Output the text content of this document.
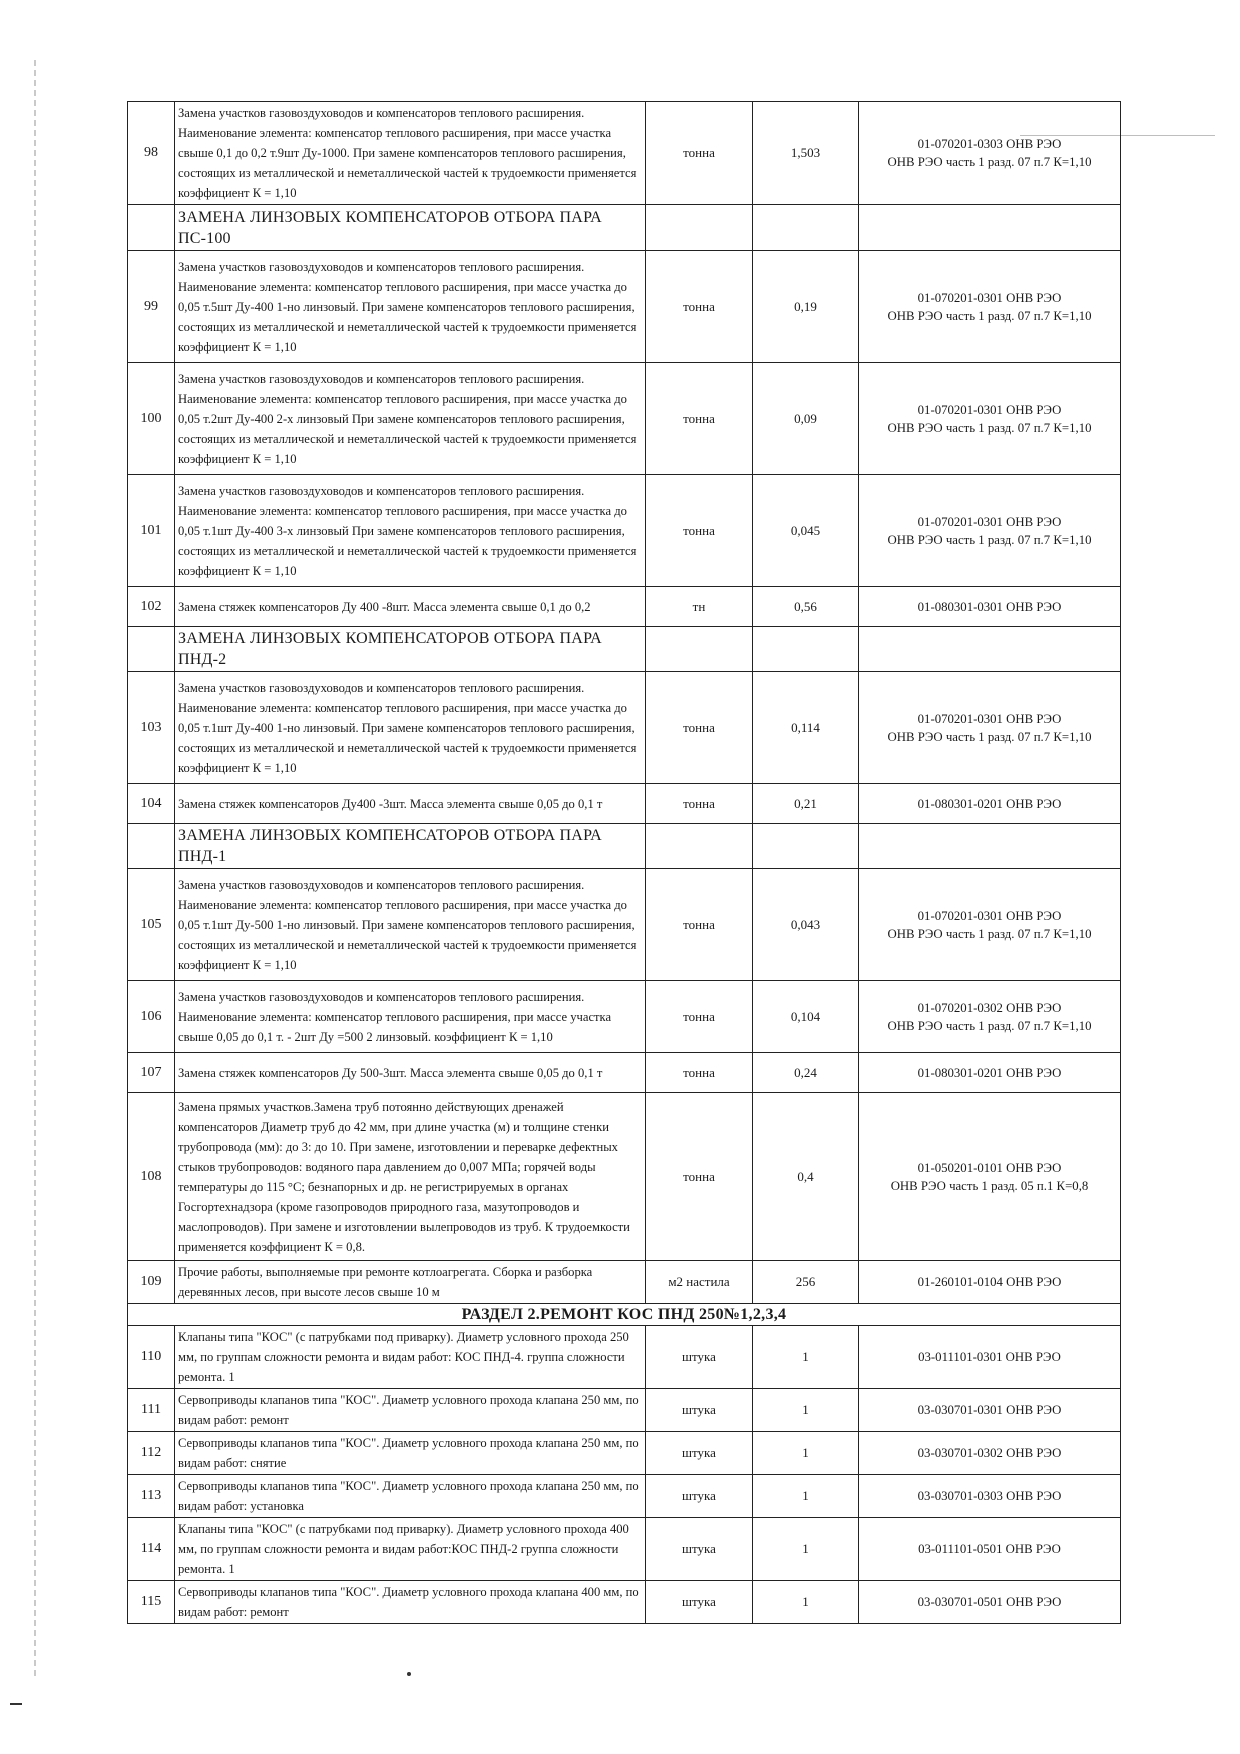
98	Замена участков газовоздуховодов и компенсаторов теплового расширения. Наименование элемента: компенсатор теплового расширения, при массе участка свыше 0,1 до 0,2 т.9шт Ду-1000. При замене компенсаторов теплового расширения, состоящих из металлической и неметаллической частей к трудоемкости применяется коэффициент К = 1,10	тонна	1,503	01-070201-0303 ОНВ РЭО
ОНВ РЭО часть 1 разд. 07 п.7 К=1,10

	ЗАМЕНА ЛИНЗОВЫХ КОМПЕНСАТОРОВ ОТБОРА ПАРА ПС-100			
99	Замена участков газовоздуховодов и компенсаторов теплового расширения. Наименование элемента: компенсатор теплового расширения, при массе участка до 0,05 т.5шт Ду-400 1-но линзовый. При замене компенсаторов теплового расширения, состоящих из металлической и неметаллической частей к трудоемкости применяется коэффициент К = 1,10	тонна	0,19	01-070201-0301 ОНВ РЭО
ОНВ РЭО часть 1 разд. 07 п.7 К=1,10

100	Замена участков газовоздуховодов и компенсаторов теплового расширения. Наименование элемента: компенсатор теплового расширения, при массе участка до 0,05 т.2шт Ду-400 2-х линзовый При замене компенсаторов теплового расширения, состоящих из металлической и неметаллической частей к трудоемкости применяется коэффициент К = 1,10	тонна	0,09	01-070201-0301 ОНВ РЭО
ОНВ РЭО часть 1 разд. 07 п.7 К=1,10

101	Замена участков газовоздуховодов и компенсаторов теплового расширения. Наименование элемента: компенсатор теплового расширения, при массе участка до 0,05 т.1шт Ду-400 3-х линзовый При замене компенсаторов теплового расширения, состоящих из металлической и неметаллической частей к трудоемкости применяется коэффициент К = 1,10	тонна	0,045	01-070201-0301 ОНВ РЭО
ОНВ РЭО часть 1 разд. 07 п.7 К=1,10

102	Замена стяжек компенсаторов Ду 400 -8шт. Масса элемента свыше 0,1 до 0,2	тн	0,56	01-080301-0301 ОНВ РЭО

	ЗАМЕНА ЛИНЗОВЫХ КОМПЕНСАТОРОВ ОТБОРА ПАРА ПНД-2			
103	Замена участков газовоздуховодов и компенсаторов теплового расширения. Наименование элемента: компенсатор теплового расширения, при массе участка до 0,05 т.1шт Ду-400 1-но линзовый. При замене компенсаторов теплового расширения, состоящих из металлической и неметаллической частей к трудоемкости применяется коэффициент К = 1,10	тонна	0,114	01-070201-0301 ОНВ РЭО
ОНВ РЭО часть 1 разд. 07 п.7 К=1,10

104	Замена стяжек компенсаторов Ду400 -3шт. Масса элемента свыше 0,05 до 0,1 т	тонна	0,21	01-080301-0201 ОНВ РЭО

	ЗАМЕНА ЛИНЗОВЫХ КОМПЕНСАТОРОВ ОТБОРА ПАРА ПНД-1			
105	Замена участков газовоздуховодов и компенсаторов теплового расширения. Наименование элемента: компенсатор теплового расширения, при массе участка до 0,05 т.1шт Ду-500 1-но линзовый. При замене компенсаторов теплового расширения, состоящих из металлической и неметаллической частей к трудоемкости применяется коэффициент К = 1,10	тонна	0,043	01-070201-0301 ОНВ РЭО
ОНВ РЭО часть 1 разд. 07 п.7 К=1,10

106	Замена участков газовоздуховодов и компенсаторов теплового расширения. Наименование элемента: компенсатор теплового расширения, при массе участка свыше 0,05 до 0,1 т. - 2шт Ду =500 2 линзовый. коэффициент К = 1,10	тонна	0,104	01-070201-0302 ОНВ РЭО
ОНВ РЭО часть 1 разд. 07 п.7 К=1,10

107	Замена стяжек компенсаторов Ду 500-3шт. Масса элемента свыше 0,05 до 0,1 т	тонна	0,24	01-080301-0201 ОНВ РЭО

108	Замена прямых участков.Замена труб потоянно действующих дренажей компенсаторов Диаметр труб до 42 мм, при длине участка (м) и толщине стенки трубопровода (мм): до 3: до 10. При замене, изготовлении и переварке дефектных стыков трубопроводов: водяного пара давлением до 0,007 МПа; горячей воды температуры до 115 °С; безнапорных и др. не регистрируемых в органах Госгортехнадзора (кроме газопроводов природного газа, мазутопроводов и маслопроводов). При замене и изготовлении вылепроводов из труб. К трудоемкости применяется коэффициент К = 0,8.	тонна	0,4	01-050201-0101 ОНВ РЭО
ОНВ РЭО часть 1 разд. 05 п.1 К=0,8

109	Прочие работы, выполняемые при ремонте котлоагрегата. Сборка и разборка деревянных лесов, при высоте лесов свыше 10 м	м2 настила	256	01-260101-0104 ОНВ РЭО

РАЗДЕЛ 2.РЕМОНТ КОС ПНД 250№1,2,3,4				
110	Клапаны типа "КОС" (с патрубками под приварку). Диаметр условного прохода 250 мм, по группам сложности ремонта и видам работ: КОС ПНД-4. группа сложности ремонта. 1	штука	1	03-011101-0301 ОНВ РЭО

111	Сервоприводы клапанов типа "КОС". Диаметр условного прохода клапана 250 мм, по видам работ: ремонт	штука	1	03-030701-0301 ОНВ РЭО

112	Сервоприводы клапанов типа "КОС". Диаметр условного прохода клапана 250 мм, по видам работ: снятие	штука	1	03-030701-0302 ОНВ РЭО

113	Сервоприводы клапанов типа "КОС". Диаметр условного прохода клапана 250 мм, по видам работ: установка	штука	1	03-030701-0303 ОНВ РЭО

114	Клапаны типа "КОС" (с патрубками под приварку). Диаметр условного прохода 400 мм, по группам сложности ремонта и видам работ:КОС ПНД-2 группа сложности ремонта. 1	штука	1	03-011101-0501 ОНВ РЭО

115	Сервоприводы клапанов типа "КОС". Диаметр условного прохода клапана 400 мм, по видам работ: ремонт	штука	1	03-030701-0501 ОНВ РЭО
